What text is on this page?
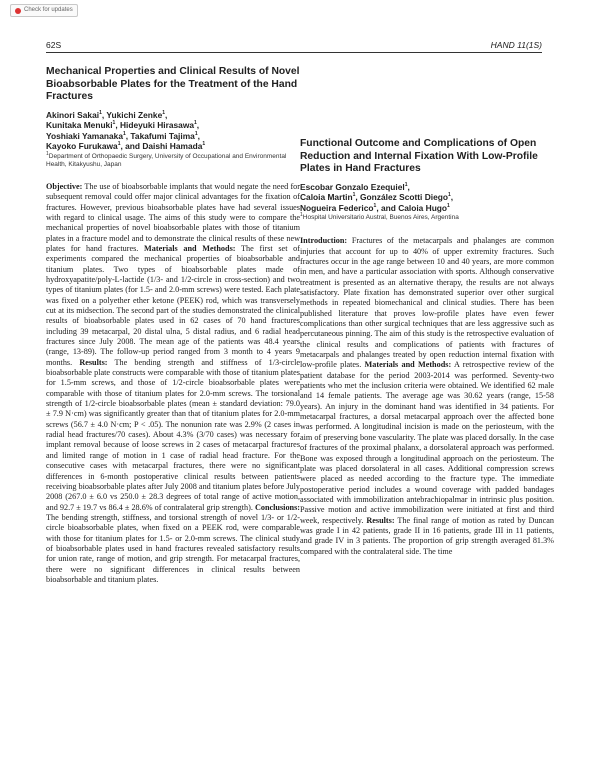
Check for updates
62S	HAND 11(1S)
Mechanical Properties and Clinical Results of Novel Bioabsorbable Plates for the Treatment of the Hand Fractures
Akinori Sakai$^1$, Yukichi Zenke$^1$,
Kunitaka Menuki$^1$, Hideyuki Hirasawa$^1$,
Yoshiaki Yamanaka$^1$, Takafumi Tajima$^1$,
Kayoko Furukawa$^1$, and Daishi Hamada$^1$
$^1$Department of Orthopaedic Surgery, University of Occupational and Environmental Health, Kitakyushu, Japan

Objective: The use of bioabsorbable implants that would negate the need for subsequent removal could offer major clinical advantages for the fixation of fractures. However, previous bioabsorbable plates have had several issues with regard to clinical usage. The aims of this study were to compare the mechanical properties of novel bioabsorbable plates with those of titanium plates in a fracture model and to demonstrate the clinical results of these new plates for hand fractures. Materials and Methods: The first set of experiments compared the mechanical properties of bioabsorbable and titanium plates. Two types of bioabsorbable plates made of hydroxyapatite/poly-L-lactide (1/3- and 1/2-circle in cross-section) and two types of titanium plates (for 1.5- and 2.0-mm screws) were tested. Each plate was fixed on a polyether ether ketone (PEEK) rod, which was transversely cut at its midsection. The second part of the studies demonstrated the clinical results of bioabsorbable plates used in 62 cases of 70 hand fractures including 39 metacarpal, 20 distal ulna, 5 distal radius, and 6 radial head fractures since July 2008. The mean age of the patients was 48.4 years (range, 13-89). The follow-up period ranged from 3 month to 4 years 9 months. Results: The bending strength and stiffness of 1/3-circle bioabsorbable plate constructs were comparable with those of titanium plates for 1.5-mm screws, and those of 1/2-circle bioabsorbable plates were comparable with those of titanium plates for 2.0-mm screws. The torsional strength of 1/2-circle bioabsorbable plates (mean ± standard deviation: 79.0 ± 7.9 N·cm) was significantly greater than that of titanium plates for 2.0-mm screws (56.7 ± 4.0 N·cm; P < .05). The nonunion rate was 2.9% (2 cases in radial head fractures/70 cases). About 4.3% (3/70 cases) was necessary for implant removal because of loose screws in 2 cases of metacarpal fractures and limited range of motion in 1 case of radial head fracture. For the consecutive cases with metacarpal fractures, there were no significant differences in 6-month postoperative clinical results between patients receiving bioabsorbable plates after July 2008 and titanium plates before July 2008 (267.0 ± 6.0 vs 250.0 ± 28.3 degrees of total range of active motion, and 92.7 ± 19.7 vs 86.4 ± 28.6% of contralateral grip strength). Conclusions: The bending strength, stiffness, and torsional strength of novel 1/3- or 1/2-circle bioabsorbable plates, when fixed on a PEEK rod, were comparable with those for titanium plates for 1.5- or 2.0-mm screws. The clinical study of bioabsorbable plates used in hand fractures revealed satisfactory results for union rate, range of motion, and grip strength. For metacarpal fractures, there were no significant differences in clinical results between bioabsorbable and titanium plates.

Functional Outcome and Complications of Open Reduction and Internal Fixation With Low-Profile Plates in Hand Fractures
Escobar Gonzalo Ezequiel$^1$,
Caloia Martin$^1$, González Scotti Diego$^1$,
Nogueira Federico$^1$, and Caloia Hugo$^1$
$^1$Hospital Universitario Austral, Buenos Aires, Argentina

Introduction: Fractures of the metacarpals and phalanges are common injuries that account for up to 40% of upper extremity fractures. Such fractures occur in the age range between 10 and 40 years, are more common in men, and have a particular association with sports. Although conservative treatment is presented as an alternative therapy, the results are not always satisfactory. Plate fixation has demonstrated superior over other surgical methods in repeated biomechanical and clinical studies. There has been published literature that proves low-profile plates have even fewer complications than other surgical techniques that are less aggressive such as percutaneous pinning. The aim of this study is the retrospective evaluation of the clinical results and complications of patients with fractures of metacarpals and phalanges treated by open reduction internal fixation with low-profile plates. Materials and Methods: A retrospective review of the patient database for the period 2003-2014 was performed. Seventy-two patients who met the inclusion criteria were obtained. We identified 62 male and 14 female patients. The average age was 30.62 years (range, 15-58 years). An injury in the dominant hand was identified in 34 patients. For metacarpal fractures, a dorsal metacarpal approach over the affected bone was performed. A longitudinal incision is made on the periosteum, with the aim of preserving bone vascularity. The plate was placed dorsally. In the case of fractures of the proximal phalanx, a dorsolateral approach was performed. Bone was exposed through a longitudinal approach on the periosteum. The plate was placed dorsolateral in all cases. Additional compression screws were placed as needed according to the fracture type. The immediate postoperative period includes a wound coverage with padded bandages associated with immobilization antebrachiopalmar in intrinsic plus position. Passive motion and active immobilization were initiated at first and third week, respectively. Results: The final range of motion as rated by Duncan was grade I in 42 patients, grade II in 16 patients, grade III in 11 patients, and grade IV in 3 patients. The proportion of grip strength averaged 81.3% compared with the contralateral side. The time
